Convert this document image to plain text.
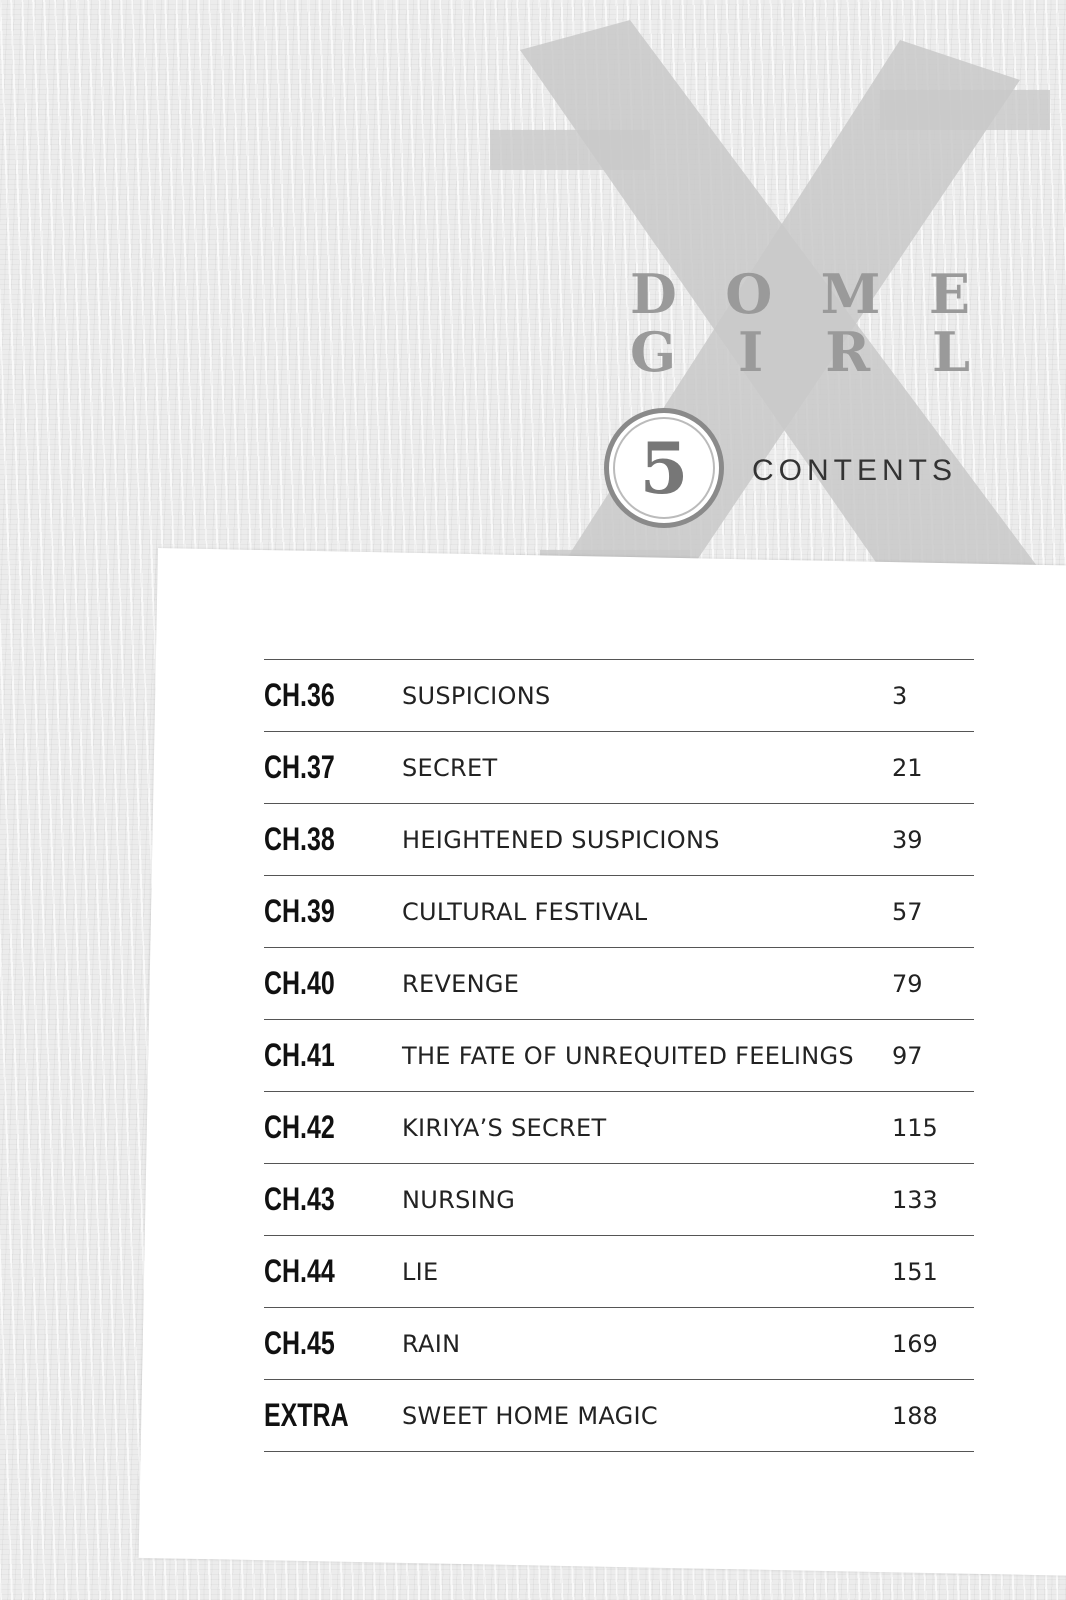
D O M E
G I R L
5 CONTENTS
CH.36	SUSPICIONS	3
CH.37	SECRET	21
CH.38	HEIGHTENED SUSPICIONS	39
CH.39	CULTURAL FESTIVAL	57
CH.40	REVENGE	79
CH.41	THE FATE OF UNREQUITED FEELINGS	97
CH.42	KIRIYA’S SECRET	115
CH.43	NURSING	133
CH.44	LIE	151
CH.45	RAIN	169
EXTRA	SWEET HOME MAGIC	188
